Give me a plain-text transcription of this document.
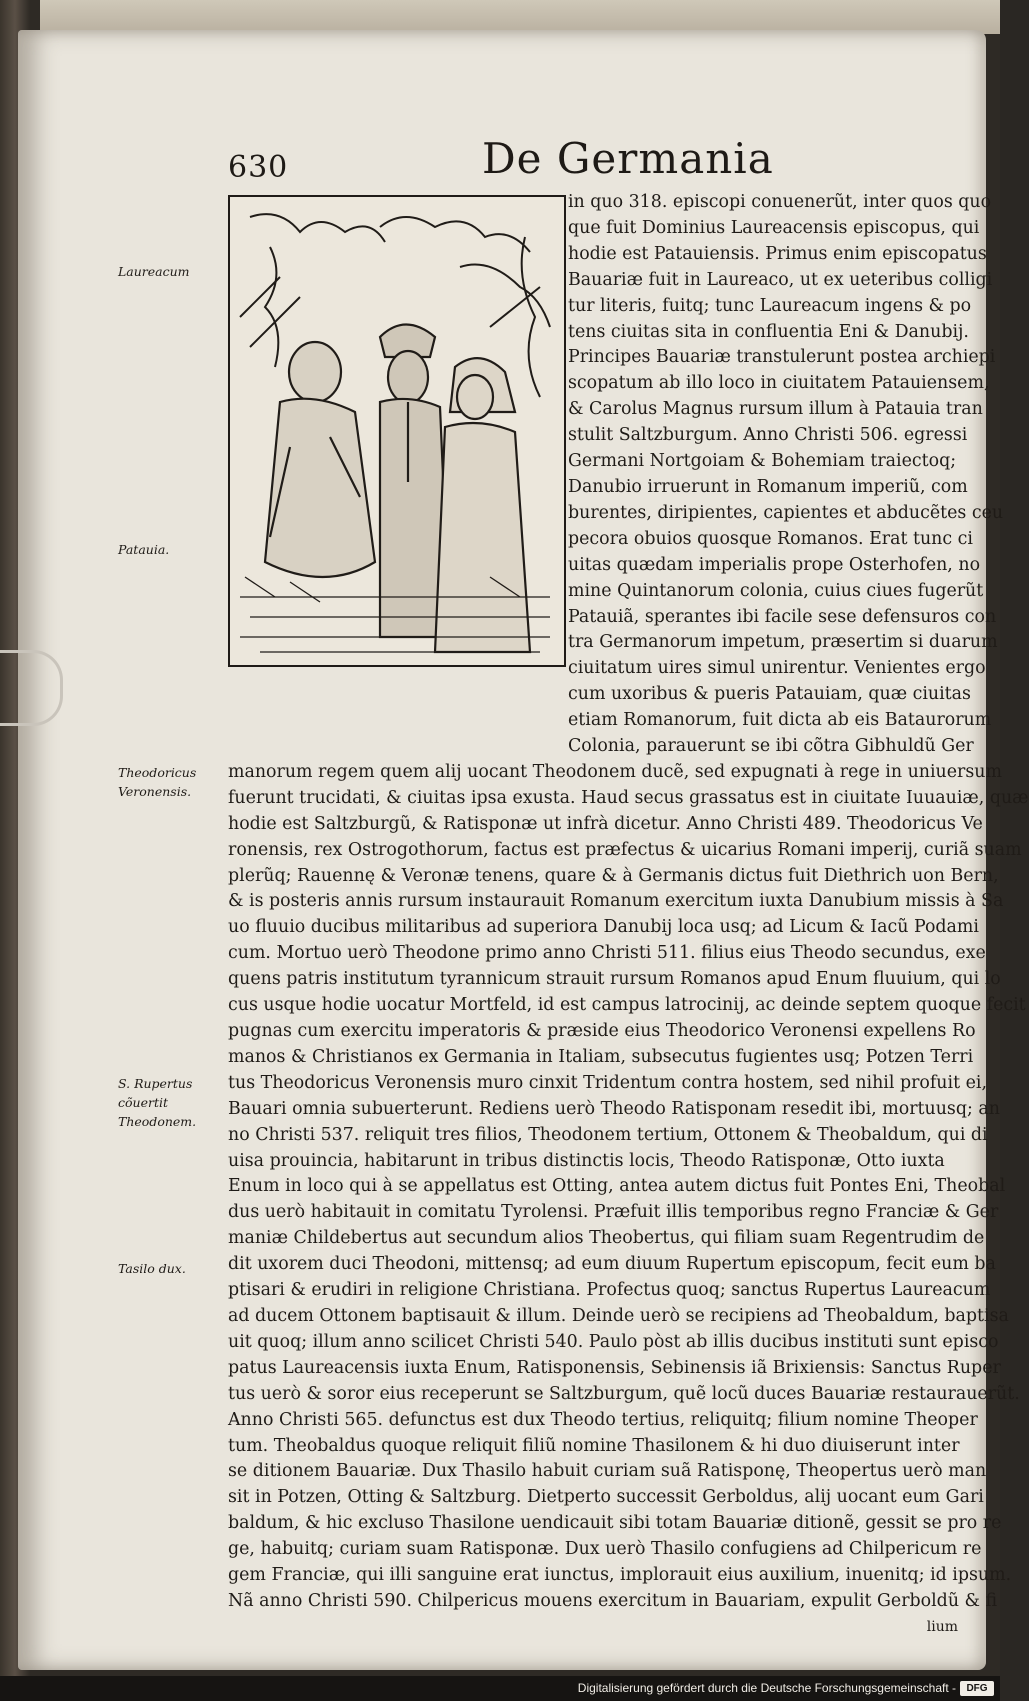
630	De Germania
Laureacum
Patauia.
Theodoricus Veronensis.
S. Rupertus cõuertit Theodonem.
Tasilo dux.
in quo 318. episcopi conuenerũt, inter quos quo
que fuit Dominius Laureacensis episcopus, qui
hodie est Patauiensis. Primus enim episcopatus
Bauariæ fuit in Laureaco, ut ex ueteribus colligi
tur literis, fuitq; tunc Laureacum ingens & po
tens ciuitas sita in confluentia Eni & Danubij.
Principes Bauariæ transtulerunt postea archiepi
scopatum ab illo loco in ciuitatem Patauiensem,
& Carolus Magnus rursum illum à Patauia tran
stulit Saltzburgum. Anno Christi 506. egressi
Germani Nortgoiam & Bohemiam traiectoq;
Danubio irruerunt in Romanum imperiũ, com
burentes, diripientes, capientes et abducẽtes ceu
pecora obuios quosque Romanos. Erat tunc ci
uitas quædam imperialis prope Osterhofen, no
mine Quintanorum colonia, cuius ciues fugerũt
Patauiã, sperantes ibi facile sese defensuros con
tra Germanorum impetum, præsertim si duarum
ciuitatum uires simul unirentur. Venientes ergo
cum uxoribus & pueris Patauiam, quæ ciuitas
etiam Romanorum, fuit dicta ab eis Bataurorum
Colonia, parauerunt se ibi cõtra Gibhuldũ Ger
manorum regem quem alij uocant Theodonem ducẽ, sed expugnati à rege in uniuersum
fuerunt trucidati, & ciuitas ipsa exusta. Haud secus grassatus est in ciuitate Iuuauiæ, quæ
hodie est Saltzburgũ, & Ratisponæ ut infrà dicetur. Anno Christi 489. Theodoricus Ve
ronensis, rex Ostrogothorum, factus est præfectus & uicarius Romani imperij, curiã suam
plerũq; Rauennę & Veronæ tenens, quare & à Germanis dictus fuit Diethrich uon Bern,
& is posteris annis rursum instaurauit Romanum exercitum iuxta Danubium missis à Sa
uo fluuio ducibus militaribus ad superiora Danubij loca usq; ad Licum & Iacũ Podami
cum. Mortuo uerò Theodone primo anno Christi 511. filius eius Theodo secundus, exe
quens patris institutum tyrannicum strauit rursum Romanos apud Enum fluuium, qui lo
cus usque hodie uocatur Mortfeld, id est campus latrocinij, ac deinde septem quoque fecit
pugnas cum exercitu imperatoris & præside eius Theodorico Veronensi expellens Ro
manos & Christianos ex Germania in Italiam, subsecutus fugientes usq; Potzen Terri
tus Theodoricus Veronensis muro cinxit Tridentum contra hostem, sed nihil profuit ei,
Bauari omnia subuerterunt. Rediens uerò Theodo Ratisponam resedit ibi, mortuusq; an
no Christi 537. reliquit tres filios, Theodonem tertium, Ottonem & Theobaldum, qui di
uisa prouincia, habitarunt in tribus distinctis locis, Theodo Ratisponæ, Otto iuxta
Enum in loco qui à se appellatus est Otting, antea autem dictus fuit Pontes Eni, Theobal
dus uerò habitauit in comitatu Tyrolensi. Præfuit illis temporibus regno Franciæ & Ger
maniæ Childebertus aut secundum alios Theobertus, qui filiam suam Regentrudim de
dit uxorem duci Theodoni, mittensq; ad eum diuum Rupertum episcopum, fecit eum ba
ptisari & erudiri in religione Christiana. Profectus quoq; sanctus Rupertus Laureacum
ad ducem Ottonem baptisauit & illum. Deinde uerò se recipiens ad Theobaldum, baptisa
uit quoq; illum anno scilicet Christi 540. Paulo pòst ab illis ducibus instituti sunt episco
patus Laureacensis iuxta Enum, Ratisponensis, Sebinensis iã Brixiensis: Sanctus Ruper
tus uerò & soror eius receperunt se Saltzburgum, quẽ locũ duces Bauariæ restaurauerũt.
Anno Christi 565. defunctus est dux Theodo tertius, reliquitq; filium nomine Theoper
tum. Theobaldus quoque reliquit filiũ nomine Thasilonem & hi duo diuiserunt inter
se ditionem Bauariæ. Dux Thasilo habuit curiam suã Ratisponę, Theopertus uerò man
sit in Potzen, Otting & Saltzburg. Dietperto successit Gerboldus, alij uocant eum Gari
baldum, & hic excluso Thasilone uendicauit sibi totam Bauariæ ditionẽ, gessit se pro re
ge, habuitq; curiam suam Ratisponæ. Dux uerò Thasilo confugiens ad Chilpericum re
gem Franciæ, qui illi sanguine erat iunctus, implorauit eius auxilium, inuenitq; id ipsum.
Nã anno Christi 590. Chilpericus mouens exercitum in Bauariam, expulit Gerboldũ & fi
lium
Digitalisierung gefördert durch die Deutsche Forschungsgemeinschaft -	DFG
